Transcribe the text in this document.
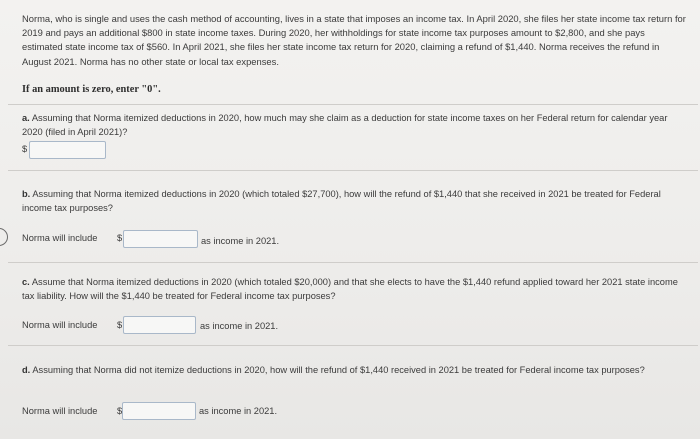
Norma, who is single and uses the cash method of accounting, lives in a state that imposes an income tax. In April 2020, she files her state income tax return for 2019 and pays an additional $800 in state income taxes. During 2020, her withholdings for state income tax purposes amount to $2,800, and she pays estimated state income tax of $560. In April 2021, she files her state income tax return for 2020, claiming a refund of $1,440. Norma receives the refund in August 2021. Norma has no other state or local tax expenses.
If an amount is zero, enter "0".
a. Assuming that Norma itemized deductions in 2020, how much may she claim as a deduction for state income taxes on her Federal return for calendar year 2020 (filed in April 2021)?
$
b. Assuming that Norma itemized deductions in 2020 (which totaled $27,700), how will the refund of $1,440 that she received in 2021 be treated for Federal income tax purposes?
Norma will include $	as income in 2021.
c. Assume that Norma itemized deductions in 2020 (which totaled $20,000) and that she elects to have the $1,440 refund applied toward her 2021 state income tax liability. How will the $1,440 be treated for Federal income tax purposes?
Norma will include $	as income in 2021.
d. Assuming that Norma did not itemize deductions in 2020, how will the refund of $1,440 received in 2021 be treated for Federal income tax purposes?
Norma will include $	as income in 2021.
